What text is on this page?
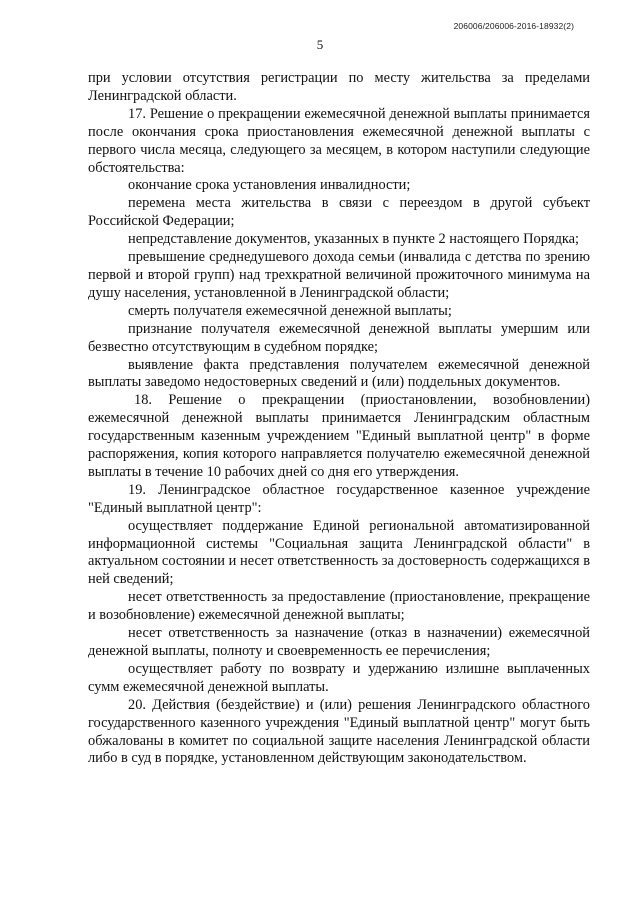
206006/206006-2016-18932(2)
5

при условии отсутствия регистрации по месту жительства за пределами Ленинградской области.

17. Решение о прекращении ежемесячной денежной выплаты принимается после окончания срока приостановления ежемесячной денежной выплаты с первого числа месяца, следующего за месяцем, в котором наступили следующие обстоятельства:

окончание срока установления инвалидности;

перемена места жительства в связи с переездом в другой субъект Российской Федерации;

непредставление документов, указанных в пункте 2 настоящего Порядка;

превышение среднедушевого дохода семьи (инвалида с детства по зрению первой и второй групп) над трехкратной величиной прожиточного минимума на душу населения, установленной в Ленинградской области;

смерть получателя ежемесячной денежной выплаты;

признание получателя ежемесячной денежной выплаты умершим или безвестно отсутствующим в судебном порядке;

выявление факта представления получателем ежемесячной денежной выплаты заведомо недостоверных сведений и (или) поддельных документов.

18. Решение о прекращении (приостановлении, возобновлении) ежемесячной денежной выплаты принимается Ленинградским областным государственным казенным учреждением "Единый выплатной центр" в форме распоряжения, копия которого направляется получателю ежемесячной денежной выплаты в течение 10 рабочих дней со дня его утверждения.

19. Ленинградское областное государственное казенное учреждение "Единый выплатной центр":

осуществляет поддержание Единой региональной автоматизированной информационной системы "Социальная защита Ленинградской области" в актуальном состоянии и несет ответственность за достоверность содержащихся в ней сведений;

несет ответственность за предоставление (приостановление, прекращение и возобновление) ежемесячной денежной выплаты;

несет ответственность за назначение (отказ в назначении) ежемесячной денежной выплаты, полноту и своевременность ее перечисления;

осуществляет работу по возврату и удержанию излишне выплаченных сумм ежемесячной денежной выплаты.

20. Действия (бездействие) и (или) решения Ленинградского областного государственного казенного учреждения "Единый выплатной центр" могут быть обжалованы в комитет по социальной защите населения Ленинградской области либо в суд в порядке, установленном действующим законодательством.
